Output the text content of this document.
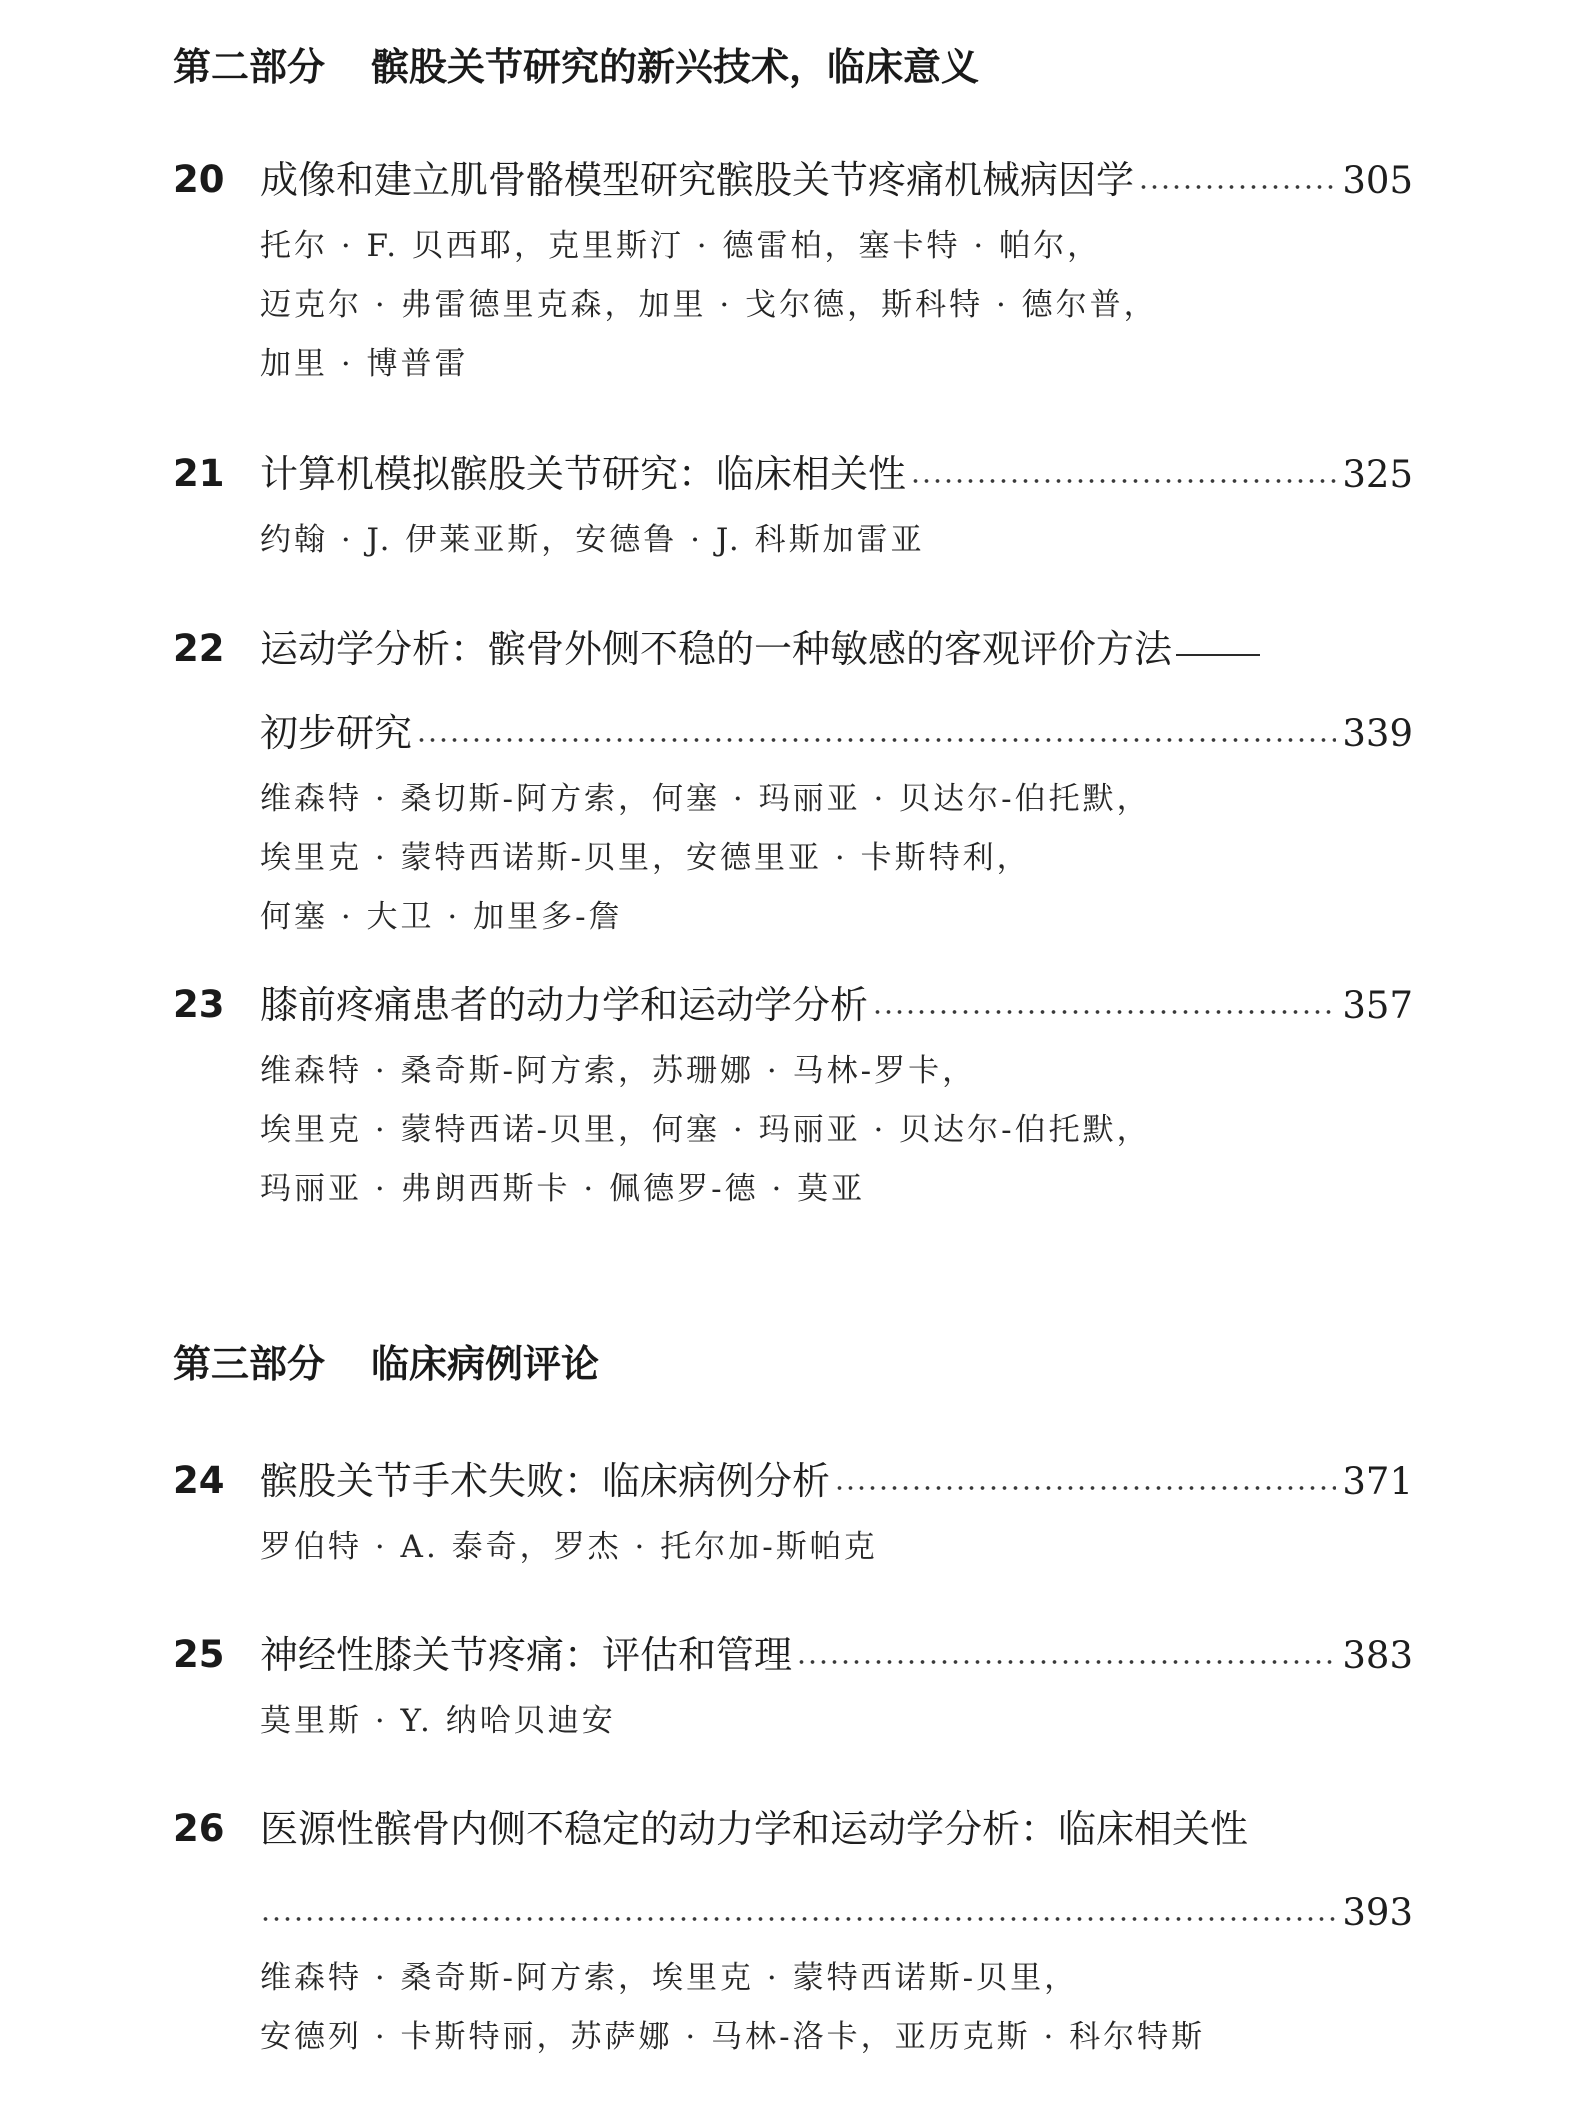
第二部分 髌股关节研究的新兴技术，临床意义
20 成像和建立肌骨骼模型研究髌股关节疼痛机械病因学	305
托尔 · F. 贝西耶，克里斯汀 · 德雷柏，塞卡特 · 帕尔，
迈克尔 · 弗雷德里克森，加里 · 戈尔德，斯科特 · 德尔普，
加里 · 博普雷
21 计算机模拟髌股关节研究：临床相关性	325
约翰 · J. 伊莱亚斯，安德鲁 · J. 科斯加雷亚
22 运动学分析：髌骨外侧不稳的一种敏感的客观评价方法
初步研究	339
维森特 · 桑切斯-阿方索，何塞 · 玛丽亚 · 贝达尔-伯托默，
埃里克 · 蒙特西诺斯-贝里，安德里亚 · 卡斯特利，
何塞 · 大卫 · 加里多-詹
23 膝前疼痛患者的动力学和运动学分析	357
维森特 · 桑奇斯-阿方索，苏珊娜 · 马林-罗卡，
埃里克 · 蒙特西诺-贝里，何塞 · 玛丽亚 · 贝达尔-伯托默，
玛丽亚 · 弗朗西斯卡 · 佩德罗-德 · 莫亚
第三部分 临床病例评论
24 髌股关节手术失败：临床病例分析	371
罗伯特 · A. 泰奇，罗杰 · 托尔加-斯帕克
25 神经性膝关节疼痛：评估和管理	383
莫里斯 · Y. 纳哈贝迪安
26 医源性髌骨内侧不稳定的动力学和运动学分析：临床相关性
393
维森特 · 桑奇斯-阿方索，埃里克 · 蒙特西诺斯-贝里，
安德列 · 卡斯特丽，苏萨娜 · 马林-洛卡，亚历克斯 · 科尔特斯
